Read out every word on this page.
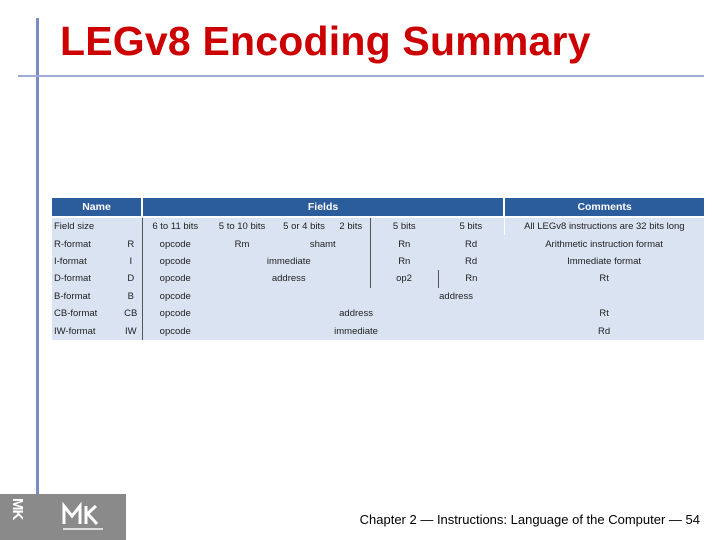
LEGv8 Encoding Summary
Name		Fields						Comments	
Field size		6 to 11 bits	5 to 10 bits	5 or 4 bits	2 bits	5 bits	5 bits	All LEGv8 instructions are 32 bits long	
R-format	R	opcode	Rm	shamt		Rn	Rd	Arithmetic instruction format	
I-format	I	opcode	immediate			Rn	Rd	Immediate format	
D-format	D	opcode	address			op2	Rn	Rt	
B-format	B	opcode	address	
CB-format	CB	opcode	address					Rt	
IW-format	IW	opcode	immediate					Rd	
MK
Chapter 2 — Instructions: Language of the Computer — 54
